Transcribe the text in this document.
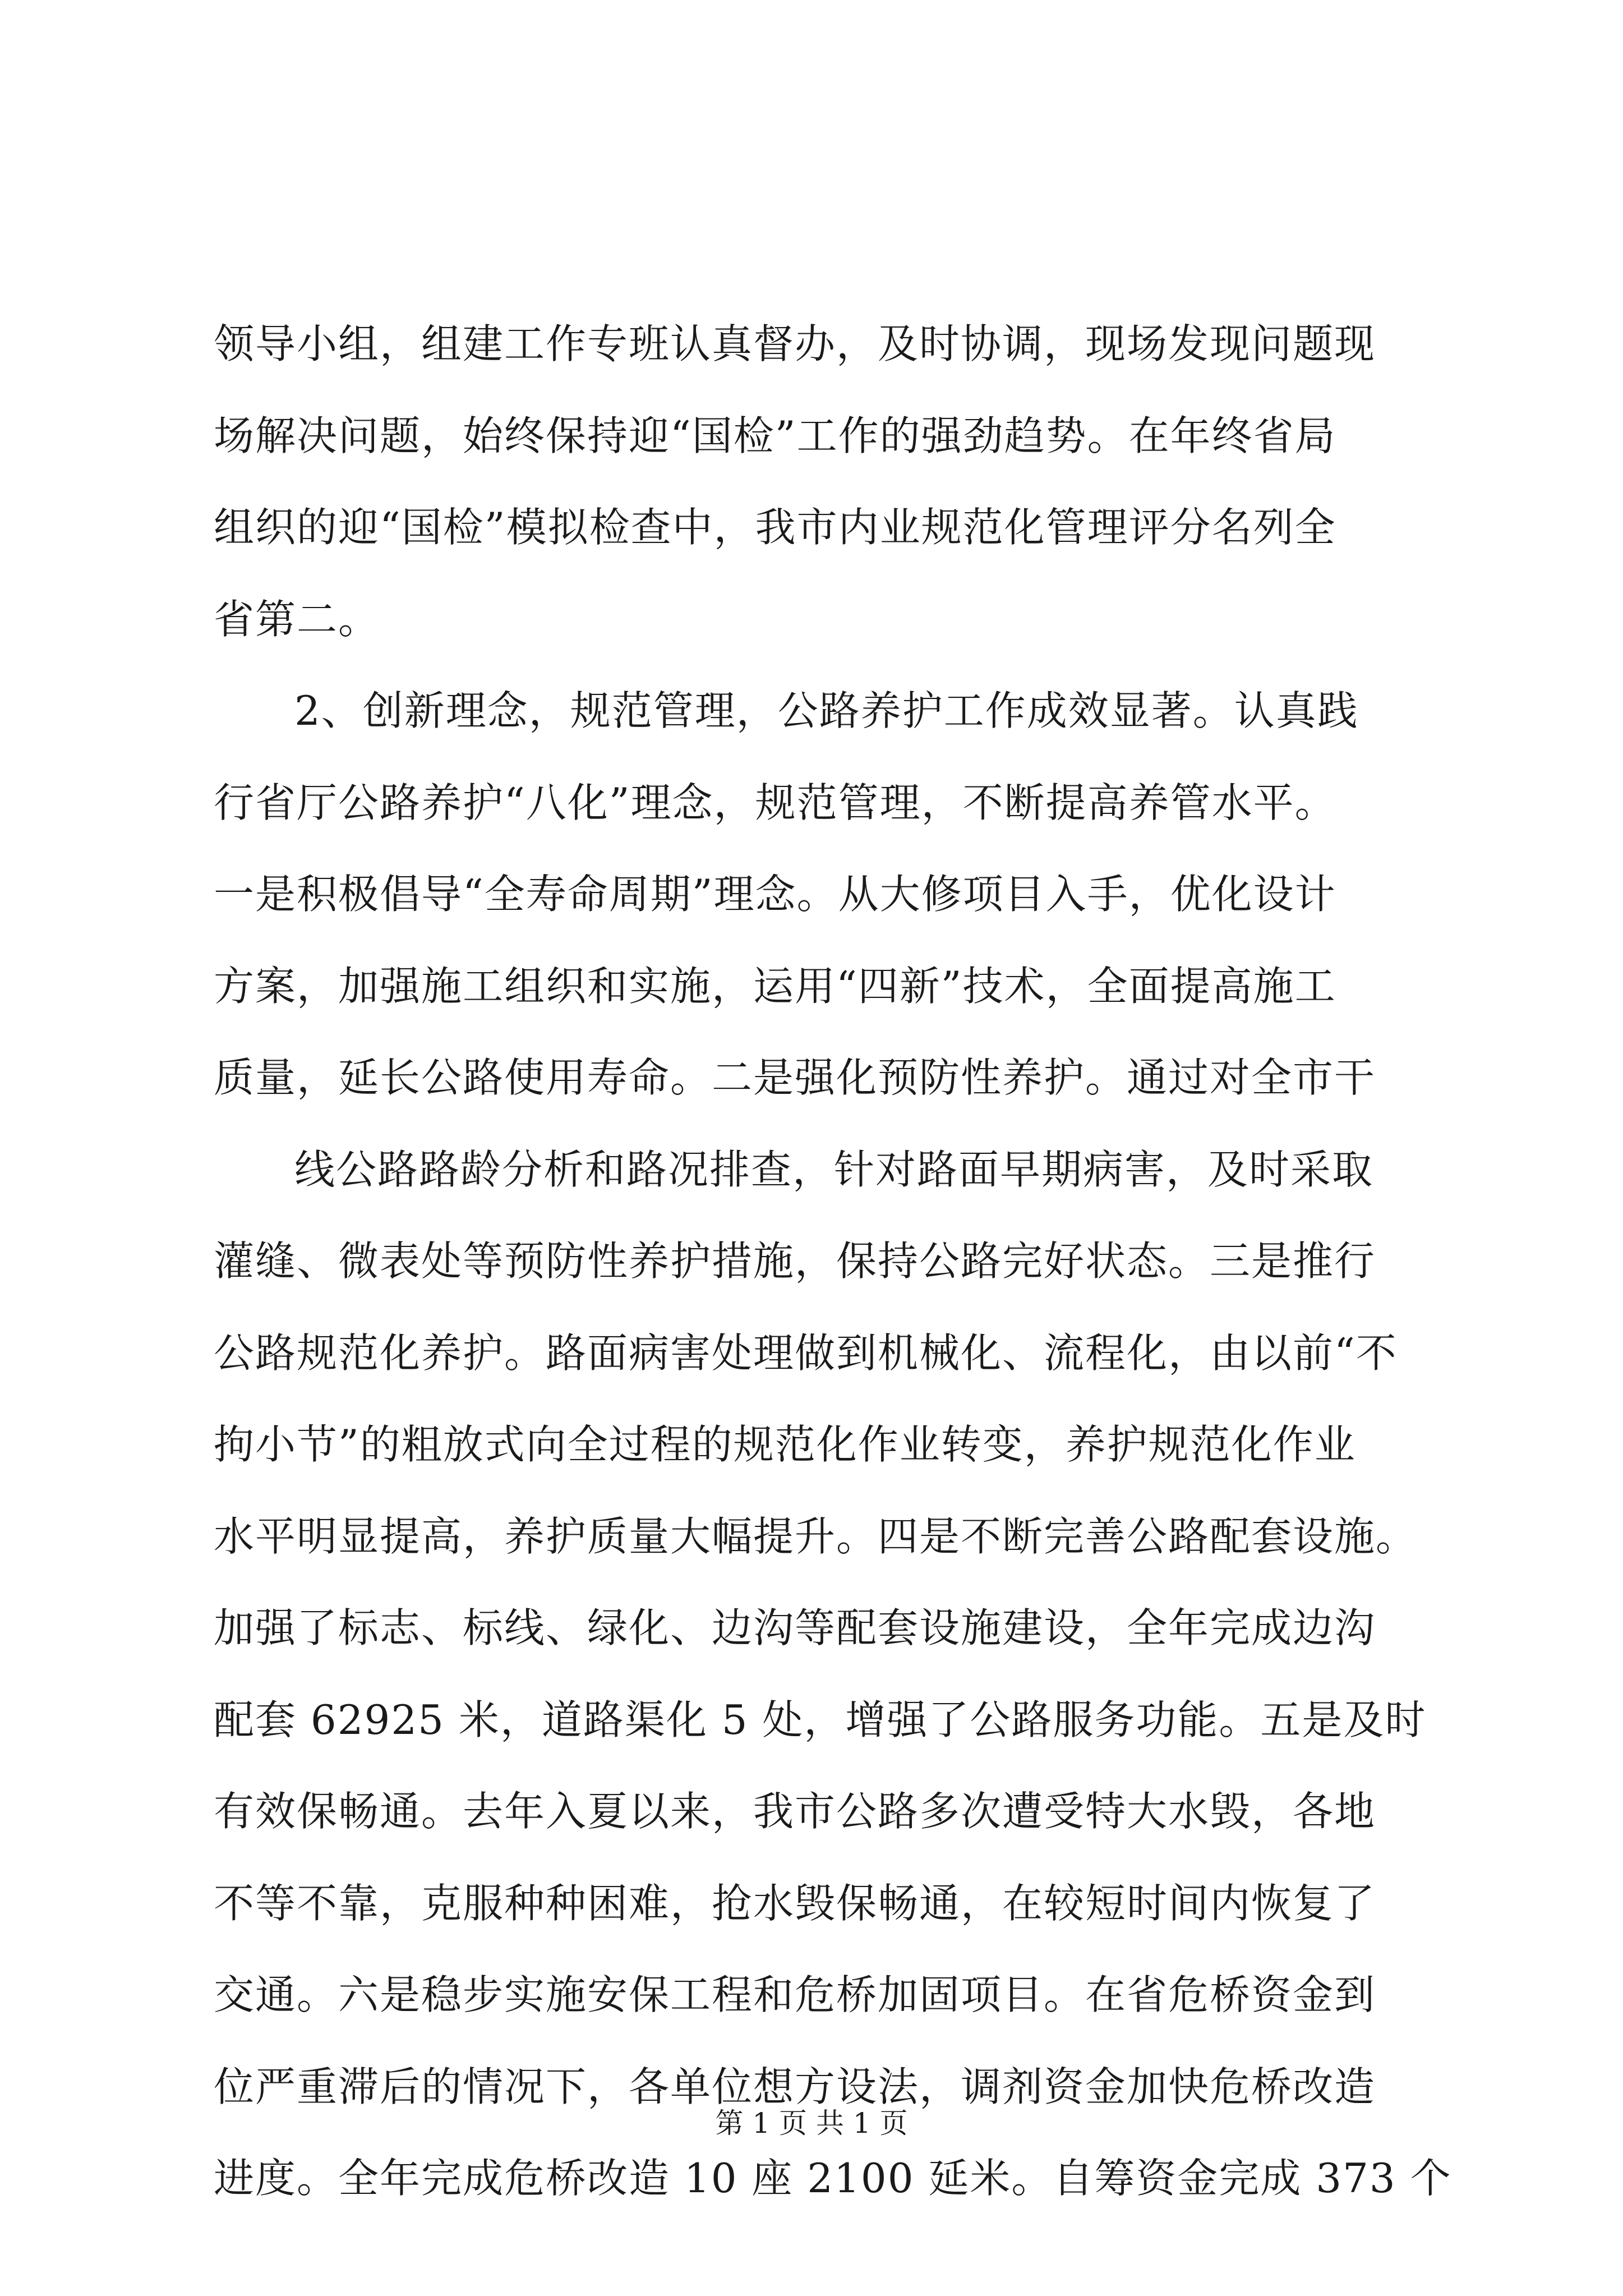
领导小组，组建工作专班认真督办，及时协调，现场发现问题现
场解决问题，始终保持迎“国检”工作的强劲趋势。在年终省局
组织的迎“国检”模拟检查中，我市内业规范化管理评分名列全
省第二。
2、创新理念，规范管理，公路养护工作成效显著。认真践
行省厅公路养护“八化”理念，规范管理，不断提高养管水平。
一是积极倡导“全寿命周期”理念。从大修项目入手，优化设计
方案，加强施工组织和实施，运用“四新”技术，全面提高施工
质量，延长公路使用寿命。二是强化预防性养护。通过对全市干
线公路路龄分析和路况排查，针对路面早期病害，及时采取
灌缝、微表处等预防性养护措施，保持公路完好状态。三是推行
公路规范化养护。路面病害处理做到机械化、流程化，由以前“不
拘小节”的粗放式向全过程的规范化作业转变，养护规范化作业
水平明显提高，养护质量大幅提升。四是不断完善公路配套设施。
加强了标志、标线、绿化、边沟等配套设施建设，全年完成边沟
配套 62925 米，道路渠化 5 处，增强了公路服务功能。五是及时
有效保畅通。去年入夏以来，我市公路多次遭受特大水毁，各地
不等不靠，克服种种困难，抢水毁保畅通，在较短时间内恢复了
交通。六是稳步实施安保工程和危桥加固项目。在省危桥资金到
位严重滞后的情况下，各单位想方设法，调剂资金加快危桥改造
进度。全年完成危桥改造 10 座 2100 延米。自筹资金完成 373 个
第 1 页 共 1 页
